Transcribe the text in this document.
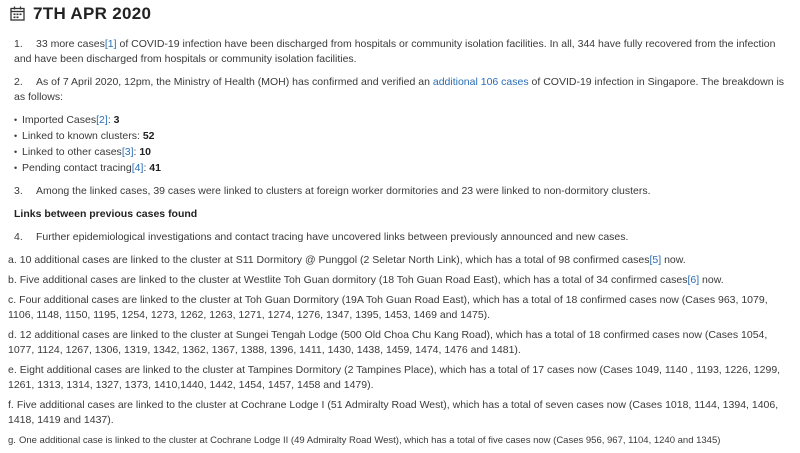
7TH APR 2020

1. 33 more cases[1] of COVID-19 infection have been discharged from hospitals or community isolation facilities. In all, 344 have fully recovered from the infection and have been discharged from hospitals or community isolation facilities.

2. As of 7 April 2020, 12pm, the Ministry of Health (MOH) has confirmed and verified an additional 106 cases of COVID-19 infection in Singapore. The breakdown is as follows:

• Imported Cases[2]: 3
• Linked to known clusters: 52
• Linked to other cases[3]: 10
• Pending contact tracing[4]: 41

3. Among the linked cases, 39 cases were linked to clusters at foreign worker dormitories and 23 were linked to non-dormitory clusters.

Links between previous cases found

4. Further epidemiological investigations and contact tracing have uncovered links between previously announced and new cases.

a. 10 additional cases are linked to the cluster at S11 Dormitory @ Punggol (2 Seletar North Link), which has a total of 98 confirmed cases[5] now.
b. Five additional cases are linked to the cluster at Westlite Toh Guan dormitory (18 Toh Guan Road East), which has a total of 34 confirmed cases[6] now.
c. Four additional cases are linked to the cluster at Toh Guan Dormitory (19A Toh Guan Road East), which has a total of 18 confirmed cases now (Cases 963, 1079, 1106, 1148, 1150, 1195, 1254, 1273, 1262, 1263, 1271, 1274, 1276, 1347, 1395, 1453, 1469 and 1475).
d. 12 additional cases are linked to the cluster at Sungei Tengah Lodge (500 Old Choa Chu Kang Road), which has a total of 18 confirmed cases now (Cases 1054, 1077, 1124, 1267, 1306, 1319, 1342, 1362, 1367, 1388, 1396, 1411, 1430, 1438, 1459, 1474, 1476 and 1481).
e. Eight additional cases are linked to the cluster at Tampines Dormitory (2 Tampines Place), which has a total of 17 cases now (Cases 1049, 1140 , 1193, 1226, 1299, 1261, 1313, 1314, 1327, 1373, 1410,1440, 1442, 1454, 1457, 1458 and 1479).
f. Five additional cases are linked to the cluster at Cochrane Lodge I (51 Admiralty Road West), which has a total of seven cases now (Cases 1018, 1144, 1394, 1406, 1418, 1419 and 1437).
g. One additional case is linked to the cluster at Cochrane Lodge II (49 Admiralty Road West), which has a total of five cases now (Cases 956, 967, 1104, 1240 and 1345)
